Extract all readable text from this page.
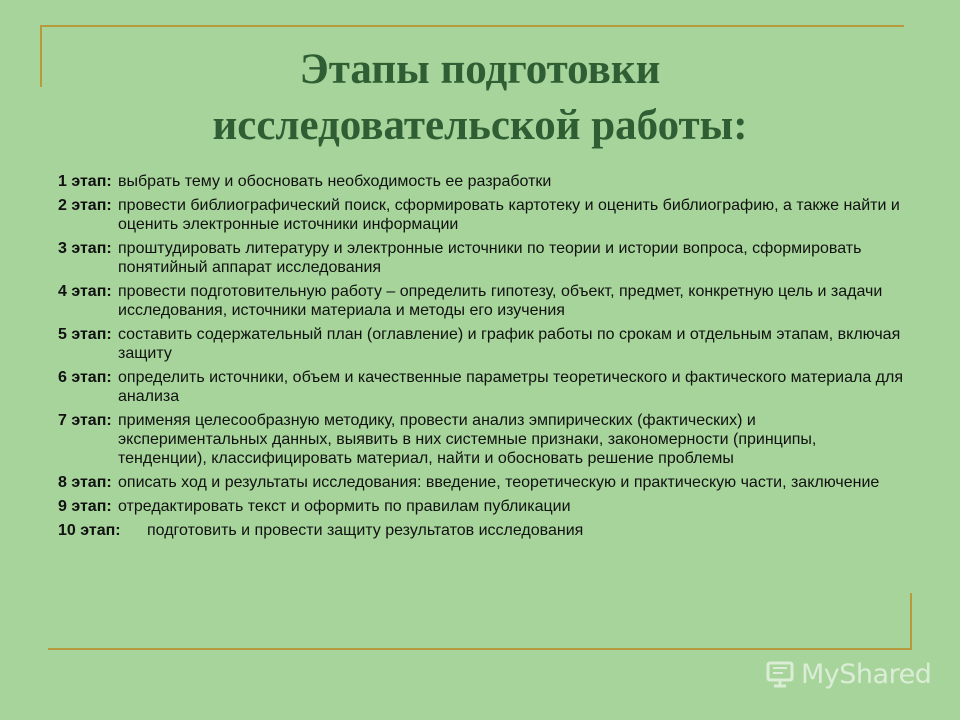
Этапы подготовки
исследовательской работы:
1 этап: выбрать тему и обосновать необходимость ее разработки
2 этап: провести библиографический поиск, сформировать картотеку и оценить библиографию, а также найти и оценить электронные источники информации
3 этап: проштудировать литературу и электронные источники по теории и истории вопроса, сформировать понятийный аппарат исследования
4 этап: провести подготовительную работу – определить гипотезу, объект, предмет, конкретную цель и задачи исследования, источники материала и методы его изучения
5 этап: составить содержательный план (оглавление) и график работы по срокам и отдельным этапам, включая защиту
6 этап: определить источники, объем и качественные параметры теоретического и фактического материала для анализа
7 этап: применяя целесообразную методику, провести анализ эмпирических (фактических) и экспериментальных данных, выявить в них системные признаки, закономерности (принципы, тенденции), классифицировать материал, найти и обосновать решение проблемы
8 этап: описать ход и результаты исследования: введение, теоретическую и практическую части, заключение
9 этап: отредактировать текст и оформить по правилам публикации
10 этап: подготовить и провести защиту результатов исследования
MyShared
